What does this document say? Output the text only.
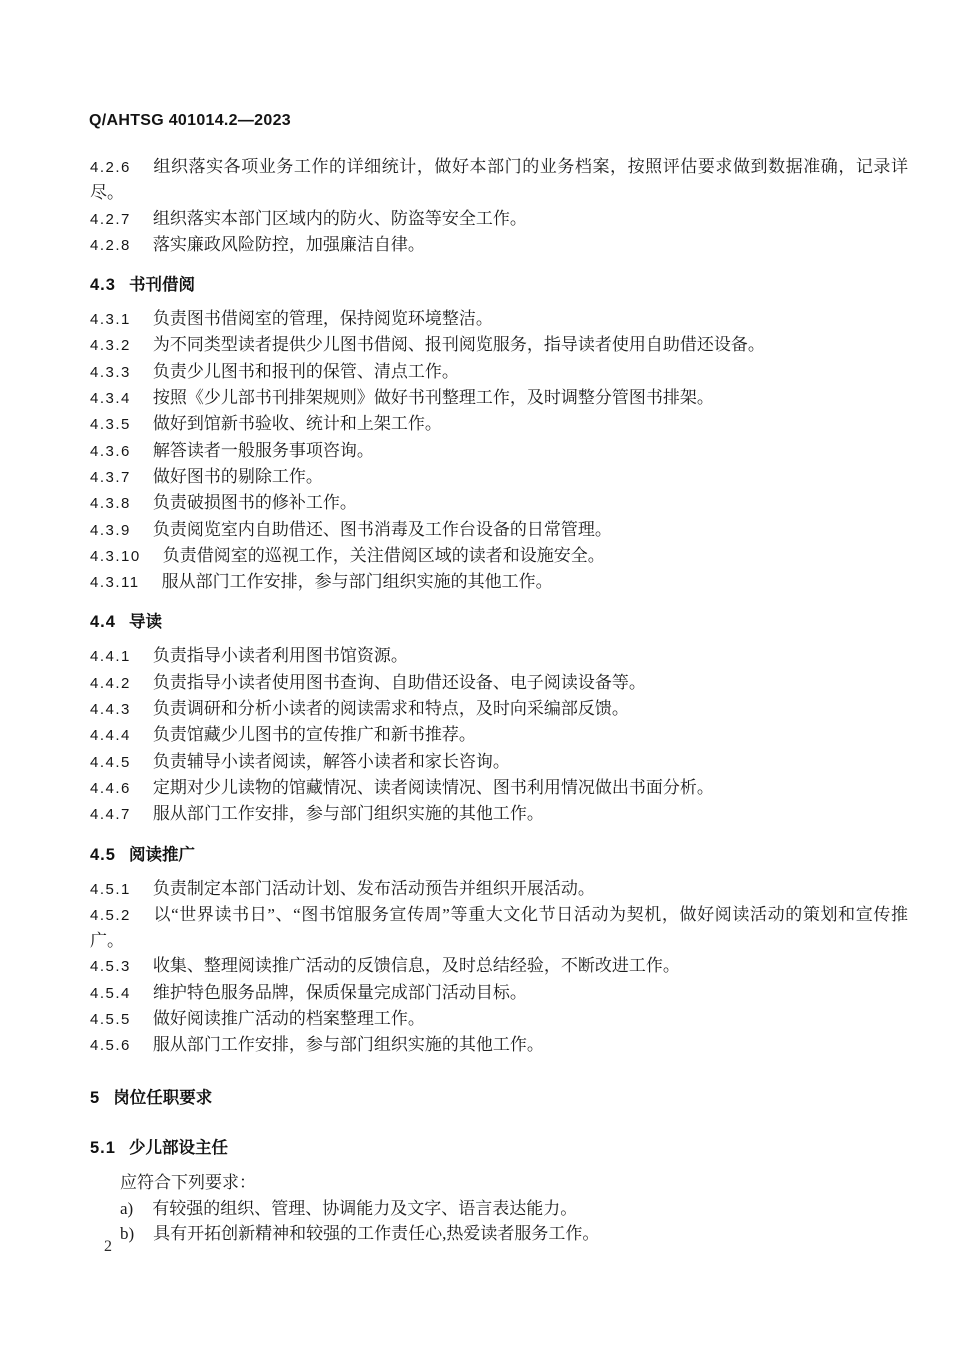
Q/AHTSG 401014.2—2023

4.2.6 组织落实各项业务工作的详细统计，做好本部门的业务档案，按照评估要求做到数据准确，记录详尽。

4.2.7 组织落实本部门区域内的防火、防盗等安全工作。

4.2.8 落实廉政风险防控，加强廉洁自律。

4.3 书刊借阅

4.3.1 负责图书借阅室的管理，保持阅览环境整洁。

4.3.2 为不同类型读者提供少儿图书借阅、报刊阅览服务，指导读者使用自助借还设备。

4.3.3 负责少儿图书和报刊的保管、清点工作。

4.3.4 按照《少儿部书刊排架规则》做好书刊整理工作，及时调整分管图书排架。

4.3.5 做好到馆新书验收、统计和上架工作。

4.3.6 解答读者一般服务事项咨询。

4.3.7 做好图书的剔除工作。

4.3.8 负责破损图书的修补工作。

4.3.9 负责阅览室内自助借还、图书消毒及工作台设备的日常管理。

4.3.10 负责借阅室的巡视工作，关注借阅区域的读者和设施安全。

4.3.11 服从部门工作安排，参与部门组织实施的其他工作。

4.4 导读

4.4.1 负责指导小读者利用图书馆资源。

4.4.2 负责指导小读者使用图书查询、自助借还设备、电子阅读设备等。

4.4.3 负责调研和分析小读者的阅读需求和特点，及时向采编部反馈。

4.4.4 负责馆藏少儿图书的宣传推广和新书推荐。

4.4.5 负责辅导小读者阅读，解答小读者和家长咨询。

4.4.6 定期对少儿读物的馆藏情况、读者阅读情况、图书利用情况做出书面分析。

4.4.7 服从部门工作安排，参与部门组织实施的其他工作。

4.5 阅读推广

4.5.1 负责制定本部门活动计划、发布活动预告并组织开展活动。

4.5.2 以“世界读书日”、“图书馆服务宣传周”等重大文化节日活动为契机，做好阅读活动的策划和宣传推广。

4.5.3 收集、整理阅读推广活动的反馈信息，及时总结经验，不断改进工作。

4.5.4 维护特色服务品牌，保质保量完成部门活动目标。

4.5.5 做好阅读推广活动的档案整理工作。

4.5.6 服从部门工作安排，参与部门组织实施的其他工作。

5 岗位任职要求

5.1 少儿部设主任

应符合下列要求：

a) 有较强的组织、管理、协调能力及文字、语言表达能力。

b) 具有开拓创新精神和较强的工作责任心,热爱读者服务工作。

2
